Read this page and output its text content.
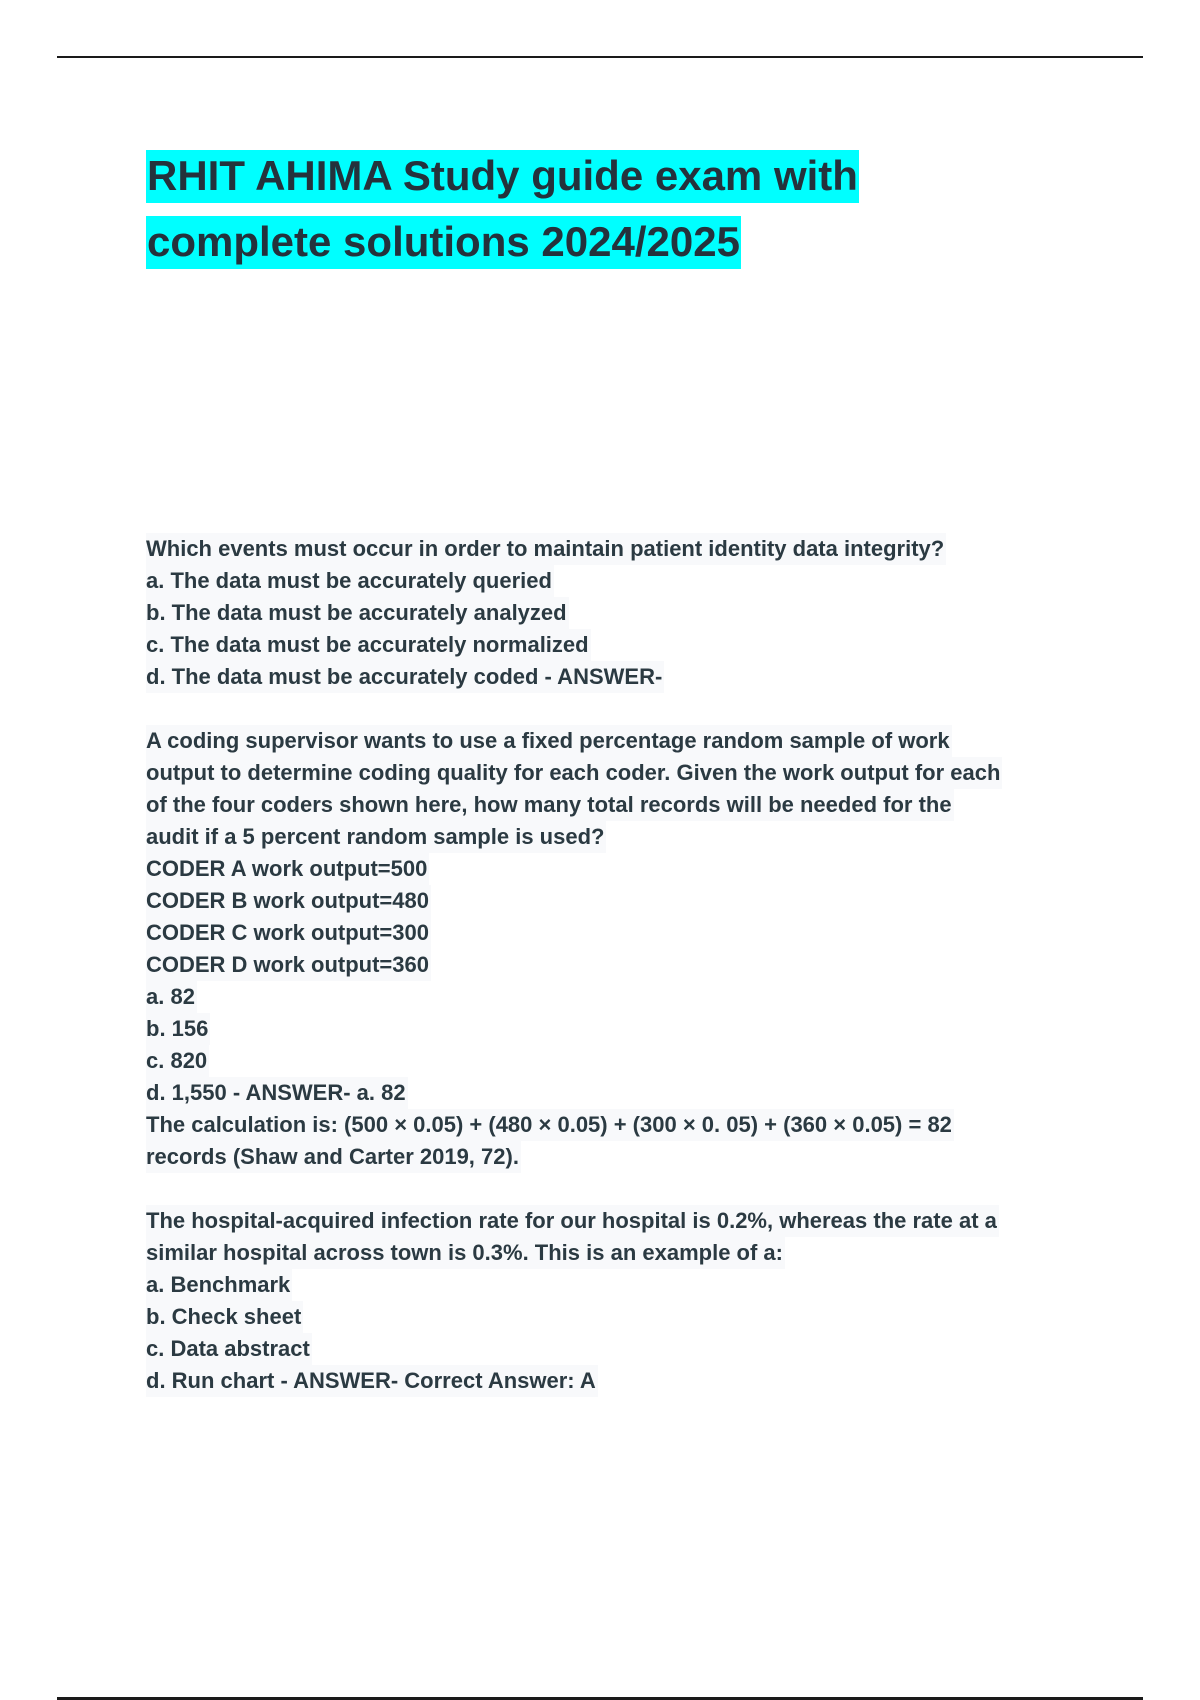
RHIT AHIMA Study guide exam with
complete solutions 2024/2025
Which events must occur in order to maintain patient identity data integrity?
a. The data must be accurately queried
b. The data must be accurately analyzed
c. The data must be accurately normalized
d. The data must be accurately coded - ANSWER-
A coding supervisor wants to use a fixed percentage random sample of work
output to determine coding quality for each coder. Given the work output for each
of the four coders shown here, how many total records will be needed for the
audit if a 5 percent random sample is used?
CODER A work output=500
CODER B work output=480
CODER C work output=300
CODER D work output=360
a. 82
b. 156
c. 820
d. 1,550 - ANSWER- a. 82
The calculation is: (500 × 0.05) + (480 × 0.05) + (300 × 0. 05) + (360 × 0.05) = 82
records (Shaw and Carter 2019, 72).
The hospital-acquired infection rate for our hospital is 0.2%, whereas the rate at a
similar hospital across town is 0.3%. This is an example of a:
a. Benchmark
b. Check sheet
c. Data abstract
d. Run chart - ANSWER- Correct Answer: A
